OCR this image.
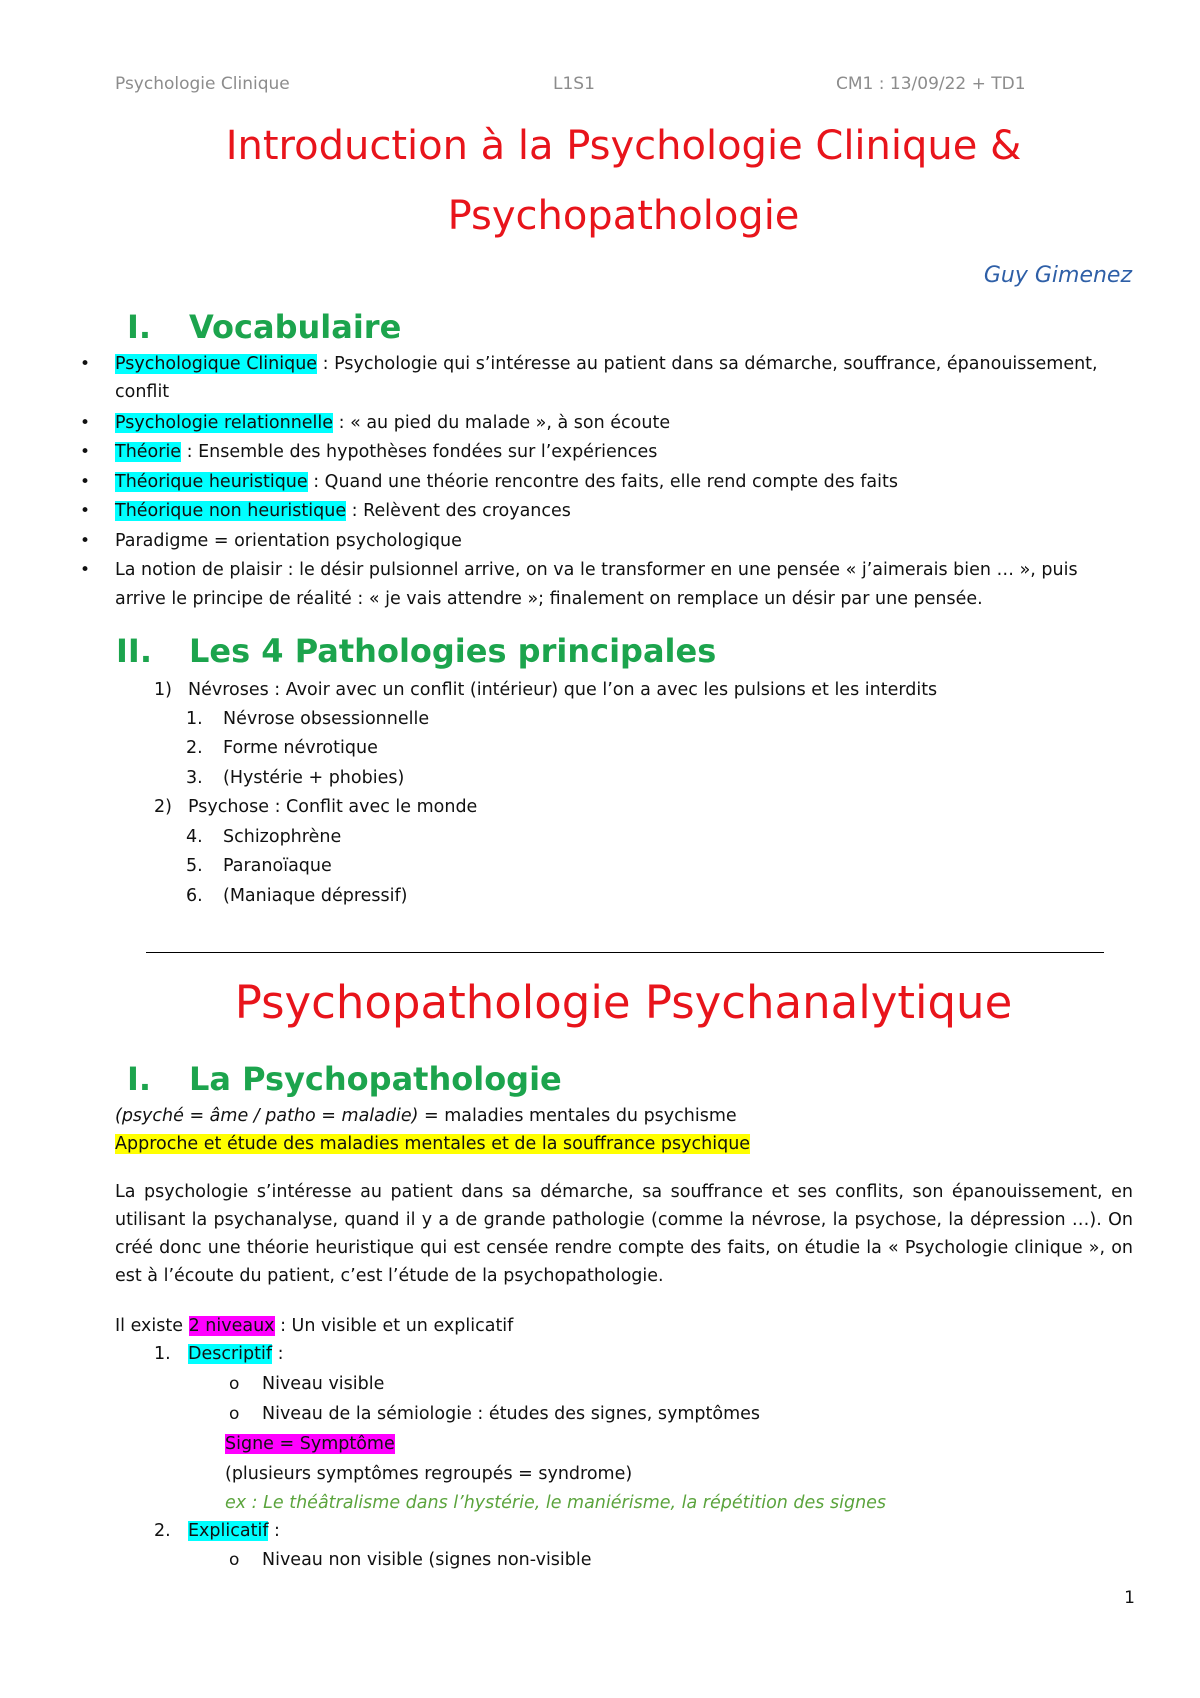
Psychologie Clinique	L1S1	CM1 : 13/09/22 + TD1
Introduction à la Psychologie Clinique &
Psychopathologie
Guy Gimenez
I.	Vocabulaire
• Psychologique Clinique : Psychologie qui s’intéresse au patient dans sa démarche, souffrance, épanouissement,
conflit
• Psychologie relationnelle : « au pied du malade », à son écoute
• Théorie : Ensemble des hypothèses fondées sur l’expériences
• Théorique heuristique : Quand une théorie rencontre des faits, elle rend compte des faits
• Théorique non heuristique : Relèvent des croyances
• Paradigme = orientation psychologique
• La notion de plaisir : le désir pulsionnel arrive, on va le transformer en une pensée « j’aimerais bien … », puis
arrive le principe de réalité : « je vais attendre »; finalement on remplace un désir par une pensée.
II.	Les 4 Pathologies principales
1) Névroses : Avoir avec un conflit (intérieur) que l’on a avec les pulsions et les interdits
1. Névrose obsessionnelle
2. Forme névrotique
3. (Hystérie + phobies)
2) Psychose : Conflit avec le monde
4. Schizophrène
5. Paranoïaque
6. (Maniaque dépressif)
Psychopathologie Psychanalytique
I.	La Psychopathologie
(psyché = âme / patho = maladie) = maladies mentales du psychisme
Approche et étude des maladies mentales et de la souffrance psychique
La psychologie s’intéresse au patient dans sa démarche, sa souffrance et ses conflits, son épanouissement, en utilisant la psychanalyse, quand il y a de grande pathologie (comme la névrose, la psychose, la dépression …). On créé donc une théorie heuristique qui est censée rendre compte des faits, on étudie la « Psychologie clinique », on est à l’écoute du patient, c’est l’étude de la psychopathologie.
Il existe 2 niveaux : Un visible et un explicatif
1. Descriptif :
o Niveau visible
o Niveau de la sémiologie : études des signes, symptômes
Signe = Symptôme
(plusieurs symptômes regroupés = syndrome)
ex : Le théâtralisme dans l’hystérie, le maniérisme, la répétition des signes
2. Explicatif :
o Niveau non visible (signes non-visible
1
